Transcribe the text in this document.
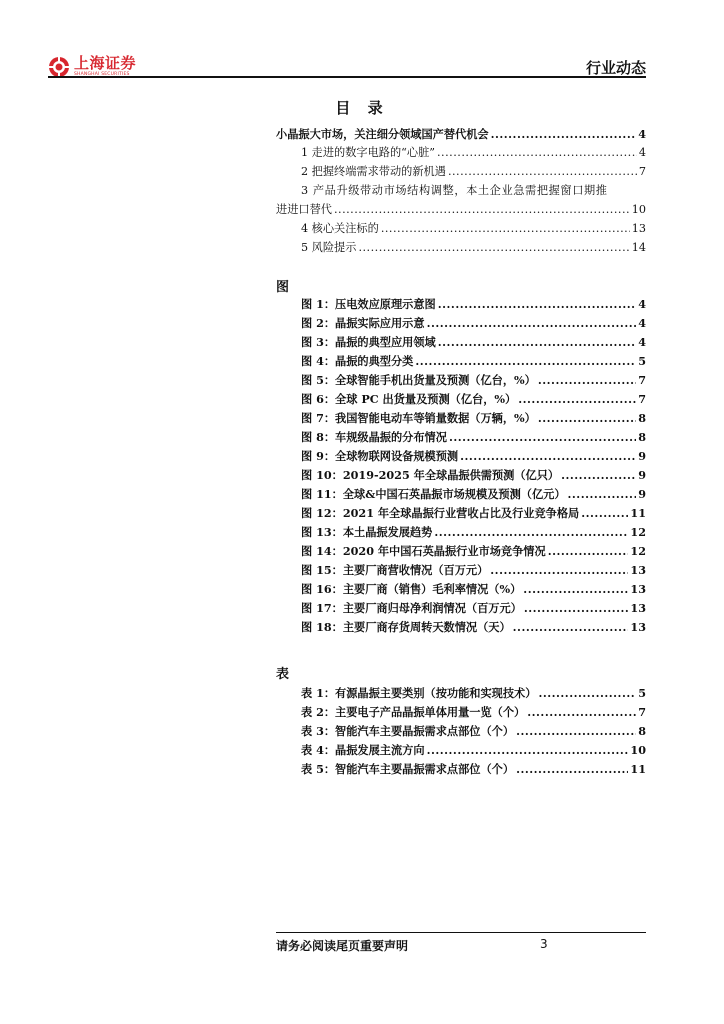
上海证券
SHANGHAI SECURITIES	行业动态
目 录
小晶振大市场，关注细分领域国产替代机会 .....	4
1 走进的数字电路的“心脏” .....	4
2 把握终端需求带动的新机遇 .....	7
3 产品升级带动市场结构调整，本土企业急需把握窗口期推
进进口替代 .....	10
4 核心关注标的 .....	13
5 风险提示 .....	14
图
图 1：压电效应原理示意图 .....	4
图 2：晶振实际应用示意 .....	4
图 3：晶振的典型应用领域 .....	4
图 4：晶振的典型分类 .....	5
图 5：全球智能手机出货量及预测（亿台，%） .....	7
图 6：全球 PC 出货量及预测（亿台，%） .....	7
图 7：我国智能电动车等销量数据（万辆，%） .....	8
图 8：车规级晶振的分布情况 .....	8
图 9：全球物联网设备规模预测 .....	9
图 10：2019-2025 年全球晶振供需预测（亿只） .....	9
图 11：全球&中国石英晶振市场规模及预测（亿元） .....	9
图 12：2021 年全球晶振行业营收占比及行业竞争格局 .....	11
图 13：本土晶振发展趋势 .....	12
图 14：2020 年中国石英晶振行业市场竞争情况 .....	12
图 15：主要厂商营收情况（百万元） .....	13
图 16：主要厂商（销售）毛利率情况（%） .....	13
图 17：主要厂商归母净利润情况（百万元） .....	13
图 18：主要厂商存货周转天数情况（天） .....	13
表
表 1：有源晶振主要类别（按功能和实现技术） .....	5
表 2：主要电子产品晶振单体用量一览（个） .....	7
表 3：智能汽车主要晶振需求点部位（个） .....	8
表 4：晶振发展主流方向 .....	10
表 5：智能汽车主要晶振需求点部位（个） .....	11
请务必阅读尾页重要声明	3
